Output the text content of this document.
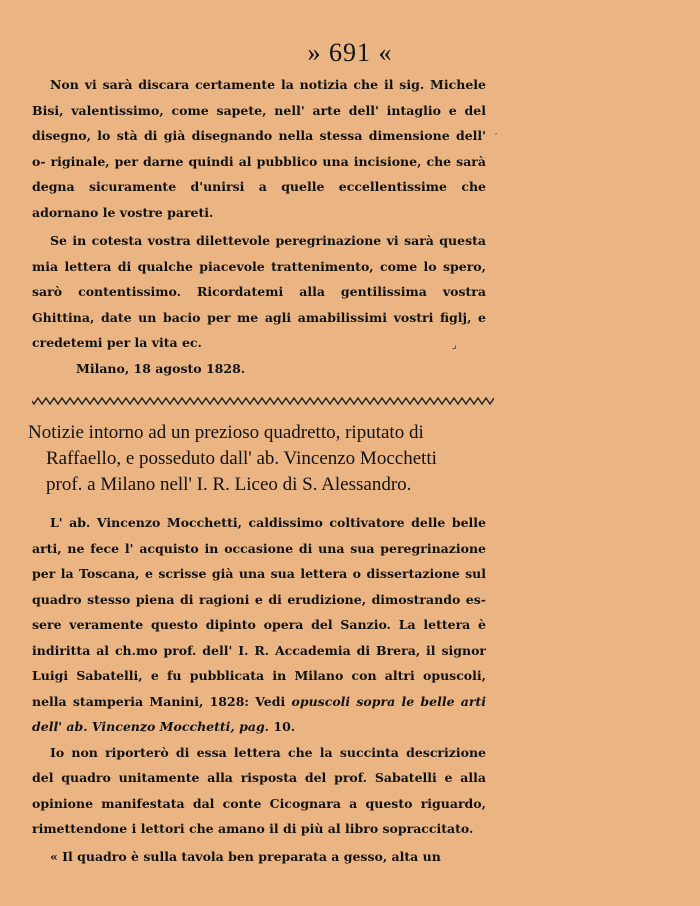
» 691 «

Non vi sarà discara certamente la notizia che il sig. Michele Bisi, valentissimo, come sapete, nell' arte dell' intaglio e del disegno, lo stà di già disegnando nella stessa dimensione dell' o- riginale, per darne quindi al pubblico una incisione, che sarà degna sicuramente d'unirsi a quelle eccellentissime che adornano le vostre pareti.

Se in cotesta vostra dilettevole peregrinazione vi sarà questa mia lettera di qualche piacevole trattenimento, come lo spero, sarò contentissimo. Ricordatemi alla gentilissima vostra Ghittina, date un bacio per me agli amabilissimi vostri figlj, e credetemi per la vita ec.

Milano, 18 agosto 1828.

Notizie intorno ad un prezioso quadretto, riputato di
Raffaello, e posseduto dall' ab. Vincenzo Mocchetti
prof. a Milano nell' I. R. Liceo di S. Alessandro.

L' ab. Vincenzo Mocchetti, caldissimo coltivatore delle belle arti, ne fece l' acquisto in occasione di una sua peregrinazione per la Toscana, e scrisse già una sua lettera o dissertazione sul quadro stesso piena di ragioni e di erudizione, dimostrando es- sere veramente questo dipinto opera del Sanzio. La lettera è indiritta al ch.mo prof. dell' I. R. Accademia di Brera, il signor Luigi Sabatelli, e fu pubblicata in Milano con altri opuscoli, nella stamperia Manini, 1828: Vedi opuscoli sopra le belle arti dell' ab. Vincenzo Mocchetti, pag. 10.

Io non riporterò di essa lettera che la succinta descrizione del quadro unitamente alla risposta del prof. Sabatelli e alla opinione manifestata dal conte Cicognara a questo riguardo, rimettendone i lettori che amano il di più al libro sopraccitato.

« Il quadro è sulla tavola ben preparata a gesso, alta un

′
⌟
